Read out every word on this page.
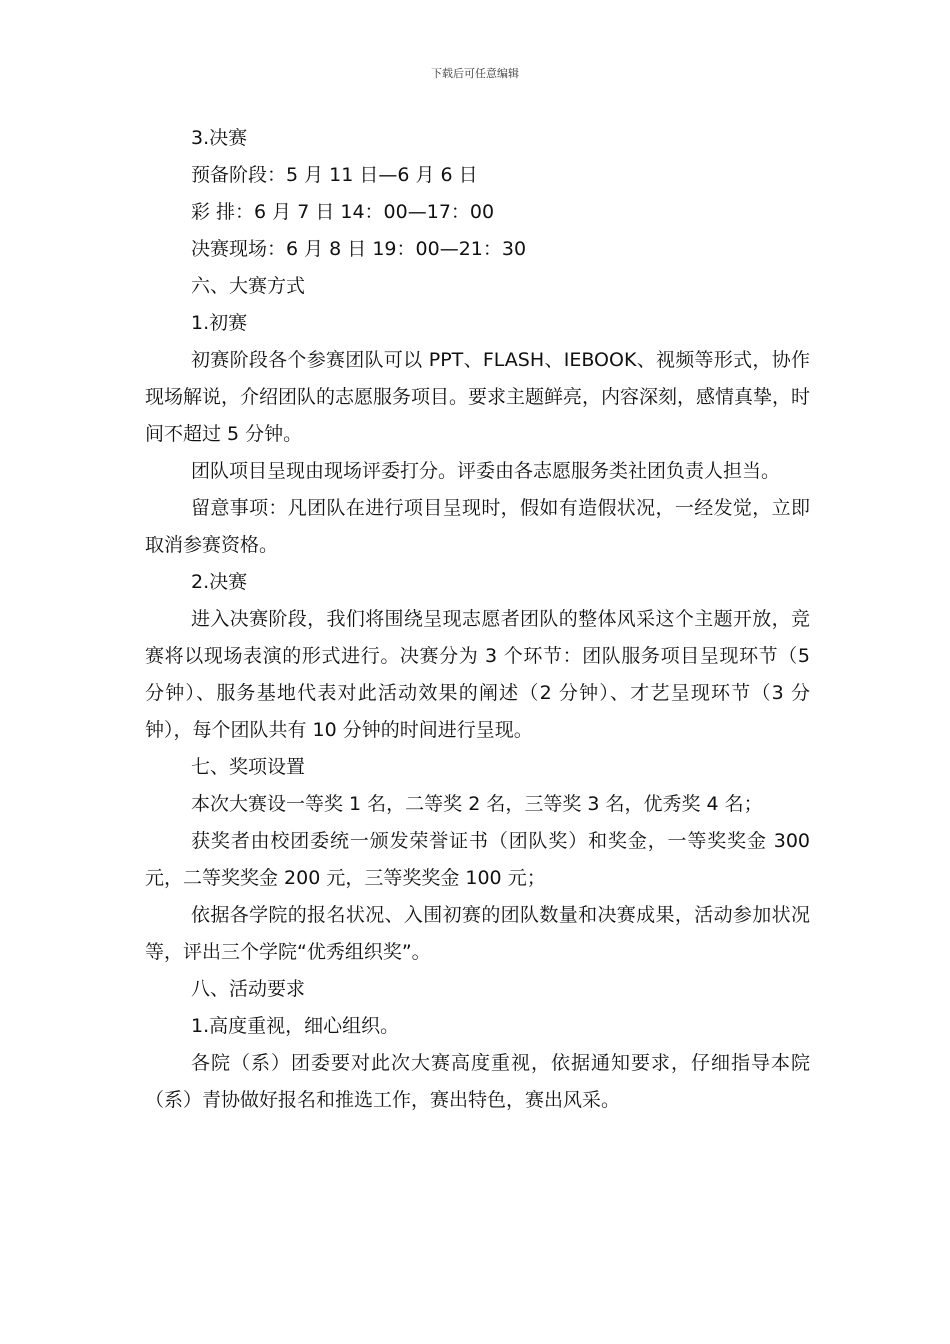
下载后可任意编辑

3.决赛

预备阶段：5 月 11 日—6 月 6 日

彩 排：6 月 7 日 14：00—17：00

决赛现场：6 月 8 日 19：00—21：30

六、大赛方式

1.初赛

初赛阶段各个参赛团队可以 PPT、FLASH、IEBOOK、视频等形式，协作现场解说，介绍团队的志愿服务项目。要求主题鲜亮，内容深刻，感情真挚，时间不超过 5 分钟。

团队项目呈现由现场评委打分。评委由各志愿服务类社团负责人担当。

留意事项：凡团队在进行项目呈现时，假如有造假状况，一经发觉，立即取消参赛资格。

2.决赛

进入决赛阶段，我们将围绕呈现志愿者团队的整体风采这个主题开放，竞赛将以现场表演的形式进行。决赛分为 3 个环节：团队服务项目呈现环节（5 分钟）、服务基地代表对此活动效果的阐述（2 分钟）、才艺呈现环节（3 分钟），每个团队共有 10 分钟的时间进行呈现。

七、奖项设置

本次大赛设一等奖 1 名，二等奖 2 名，三等奖 3 名，优秀奖 4 名；

获奖者由校团委统一颁发荣誉证书（团队奖）和奖金，一等奖奖金 300 元，二等奖奖金 200 元，三等奖奖金 100 元；

依据各学院的报名状况、入围初赛的团队数量和决赛成果，活动参加状况等，评出三个学院“优秀组织奖”。

八、活动要求

1.高度重视，细心组织。

各院（系）团委要对此次大赛高度重视，依据通知要求，仔细指导本院（系）青协做好报名和推选工作，赛出特色，赛出风采。
